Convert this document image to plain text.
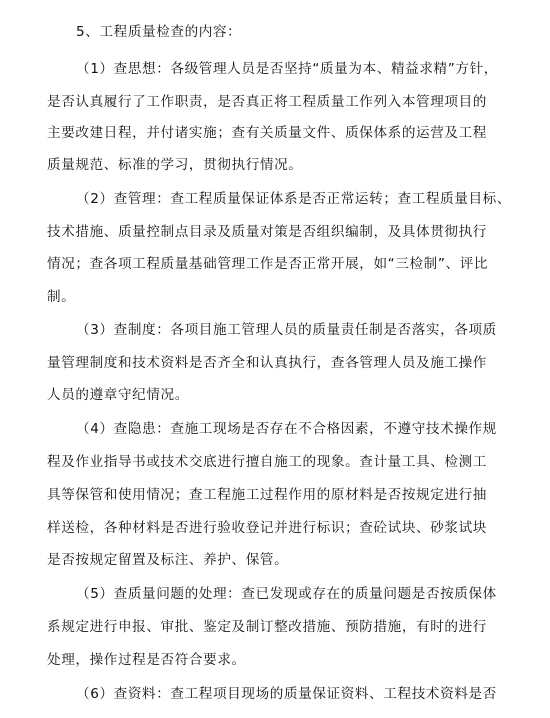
5、工程质量检查的内容：
（1）查思想：各级管理人员是否坚持“质量为本、精益求精”方针，
是否认真履行了工作职责，是否真正将工程质量工作列入本管理项目的
主要改建日程，并付诸实施；查有关质量文件、质保体系的运营及工程
质量规范、标准的学习，贯彻执行情况。
（2）查管理：查工程质量保证体系是否正常运转；查工程质量目标、
技术措施、质量控制点目录及质量对策是否组织编制，及具体贯彻执行
情况；查各项工程质量基础管理工作是否正常开展，如“三检制”、评比
制。
（3）查制度：各项目施工管理人员的质量责任制是否落实，各项质
量管理制度和技术资料是否齐全和认真执行，查各管理人员及施工操作
人员的遵章守纪情况。
（4）查隐患：查施工现场是否存在不合格因素，不遵守技术操作规
程及作业指导书或技术交底进行擅自施工的现象。查计量工具、检测工
具等保管和使用情况；查工程施工过程作用的原材料是否按规定进行抽
样送检，各种材料是否进行验收登记并进行标识；查砼试块、砂浆试块
是否按规定留置及标注、养护、保管。
（5）查质量问题的处理：查已发现或存在的质量问题是否按质保体
系规定进行申报、审批、鉴定及制订整改措施、预防措施，有时的进行
处理，操作过程是否符合要求。
（6）查资料：查工程项目现场的质量保证资料、工程技术资料是否
